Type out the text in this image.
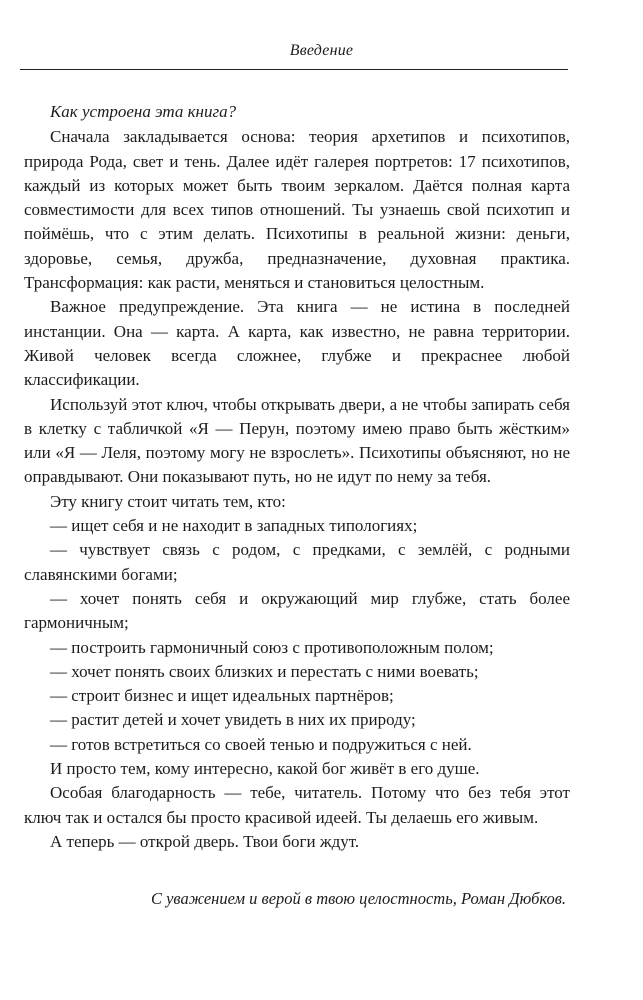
Введение

Как устроена эта книга?

Сначала закладывается основа: теория архетипов и психотипов, природа Рода, свет и тень. Далее идёт галерея портретов: 17 психотипов, каждый из которых может быть твоим зеркалом. Даётся полная карта совместимости для всех типов отношений. Ты узнаешь свой психотип и поймёшь, что с этим делать. Психотипы в реальной жизни: деньги, здоровье, семья, дружба, предназначение, духовная практика. Трансформация: как расти, меняться и становиться целостным.

Важное предупреждение. Эта книга — не истина в последней инстанции. Она — карта. А карта, как известно, не равна территории. Живой человек всегда сложнее, глубже и прекраснее любой классификации.

Используй этот ключ, чтобы открывать двери, а не чтобы запирать себя в клетку с табличкой «Я — Перун, поэтому имею право быть жёстким» или «Я — Леля, поэтому могу не взрослеть». Психотипы объясняют, но не оправдывают. Они показывают путь, но не идут по нему за тебя.

Эту книгу стоит читать тем, кто:

— ищет себя и не находит в западных типологиях;

— чувствует связь с родом, с предками, с землёй, с родными славянскими богами;

— хочет понять себя и окружающий мир глубже, стать более гармоничным;

— построить гармоничный союз с противоположным полом;

— хочет понять своих близких и перестать с ними воевать;

— строит бизнес и ищет идеальных партнёров;

— растит детей и хочет увидеть в них их природу;

— готов встретиться со своей тенью и подружиться с ней.

И просто тем, кому интересно, какой бог живёт в его душе.

Особая благодарность — тебе, читатель. Потому что без тебя этот ключ так и остался бы просто красивой идеей. Ты делаешь его живым.

А теперь — открой дверь. Твои боги ждут.

С уважением и верой в твою целостность, Роман Дюбков.
